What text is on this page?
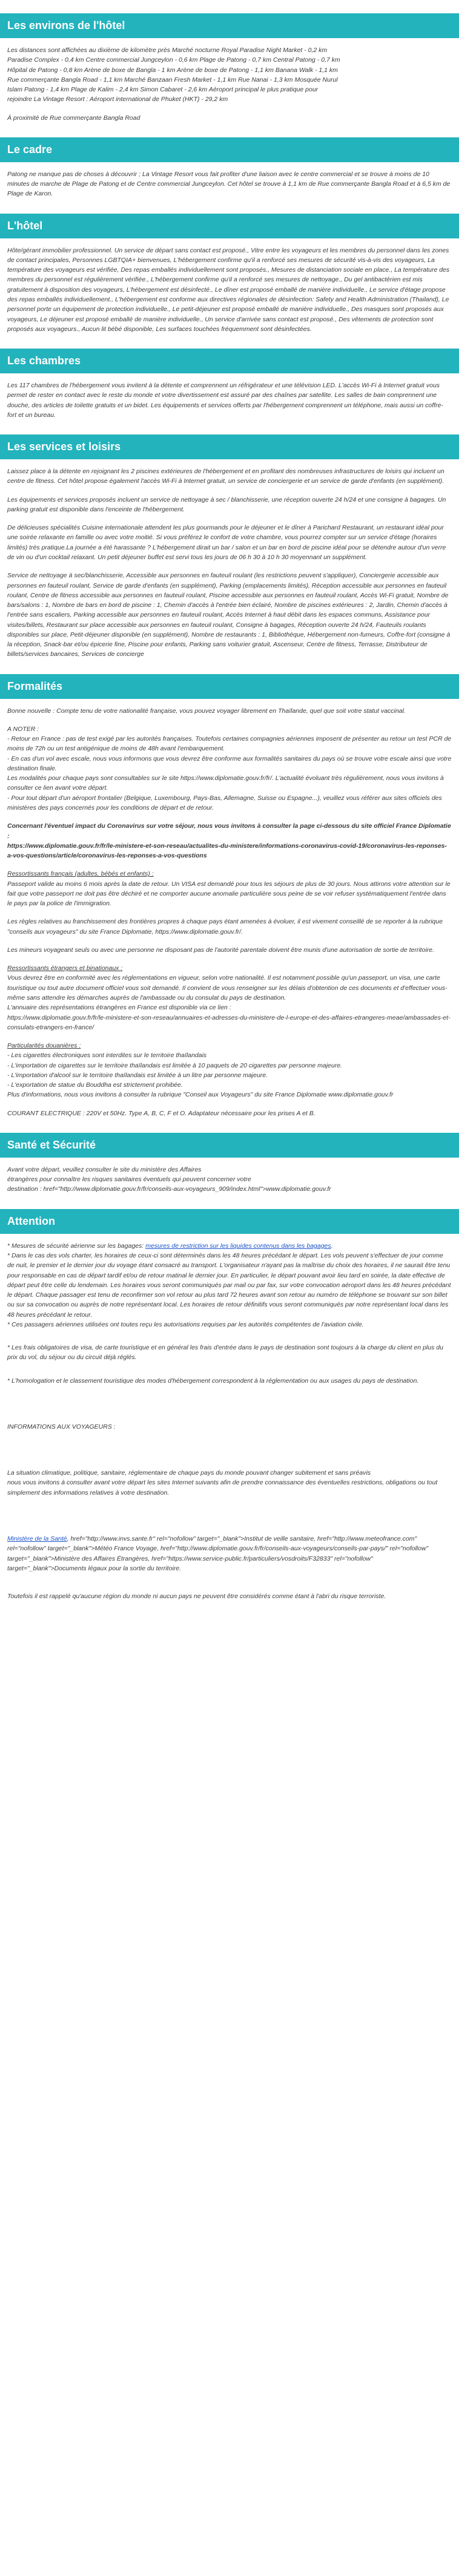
Les environs de l'hôtel

Les distances sont affichées au dixième de kilomètre près Marché nocturne Royal Paradise Night Market - 0,2 km
Paradise Complex - 0,4 km Centre commercial Jungceylon - 0,6 km Plage de Patong - 0,7 km Central Patong - 0,7 km
Hôpital de Patong - 0,8 km Arène de boxe de Bangla - 1 km Arène de boxe de Patong - 1,1 km Banana Walk - 1,1 km
Rue commerçante Bangla Road - 1,1 km Marché Banzaan Fresh Market - 1,1 km Rue Nanai - 1,3 km Mosquée Nurul
Islam Patong - 1,4 km Plage de Kalim - 2,4 km Simon Cabaret - 2,6 km Aéroport principal le plus pratique pour
rejoindre La Vintage Resort : Aéroport international de Phuket (HKT) - 29,2 km

À proximité de Rue commerçante Bangla Road

Le cadre

Patong ne manque pas de choses à découvrir ; La Vintage Resort vous fait profiter d'une liaison avec le centre commercial et se trouve à moins de 10 minutes de marche de Plage de Patong et de Centre commercial Jungceylon. Cet hôtel se trouve à 1,1 km de Rue commerçante Bangla Road et à 6,5 km de Plage de Karon.

L'hôtel

Hôte/gérant immobilier professionnel. Un service de départ sans contact est proposé., Vitre entre les voyageurs et les membres du personnel dans les zones de contact principales, Personnes LGBTQIA+ bienvenues, L'hébergement confirme qu'il a renforcé ses mesures de sécurité vis-à-vis des voyageurs, La température des voyageurs est vérifiée, Des repas emballés individuellement sont proposés., Mesures de distanciation sociale en place., La température des membres du personnel est régulièrement vérifiée., L'hébergement confirme qu'il a renforcé ses mesures de nettoyage., Du gel antibactérien est mis gratuitement à disposition des voyageurs, L'hébergement est désinfecté., Le dîner est proposé emballé de manière individuelle., Le service d'étage propose des repas emballés individuellement., L'hébergement est conforme aux directives régionales de désinfection: Safety and Health Administration (Thailand), Le personnel porte un équipement de protection individuelle., Le petit-déjeuner est proposé emballé de manière individuelle., Des masques sont proposés aux voyageurs, Le déjeuner est proposé emballé de manière individuelle., Un service d'arrivée sans contact est proposé., Des vêtements de protection sont proposés aux voyageurs., Aucun lit bébé disponible, Les surfaces touchées fréquemment sont désinfectées.

Les chambres

Les 117 chambres de l'hébergement vous invitent à la détente et comprennent un réfrigérateur et une télévision LED. L'accès Wi-Fi à Internet gratuit vous permet de rester en contact avec le reste du monde et votre divertissement est assuré par des chaînes par satellite. Les salles de bain comprennent une douche, des articles de toilette gratuits et un bidet. Les équipements et services offerts par l'hébergement comprennent un téléphone, mais aussi un coffre-fort et un bureau.

Les services et loisirs

Laissez place à la détente en rejoignant les 2 piscines extérieures de l'hébergement et en profitant des nombreuses infrastructures de loisirs qui incluent un centre de fitness. Cet hôtel propose également l'accès Wi-Fi à Internet gratuit, un service de conciergerie et un service de garde d'enfants (en supplément).

Les équipements et services proposés incluent un service de nettoyage à sec / blanchisserie, une réception ouverte 24 h/24 et une consigne à bagages. Un parking gratuit est disponible dans l'enceinte de l'hébergement.

De délicieuses spécialités Cuisine internationale attendent les plus gourmands pour le déjeuner et le dîner à Parichard Restaurant, un restaurant idéal pour une soirée relaxante en famille ou avec votre moitié. Si vous préférez le confort de votre chambre, vous pourrez compter sur un service d'étage (horaires limités) très pratique.La journée a été harassante ? L'hébergement dirait un bar / salon et un bar en bord de piscine idéal pour se détendre autour d'un verre de vin ou d'un cocktail relaxant. Un petit déjeuner buffet est servi tous les jours de 06 h 30 à 10 h 30 moyennant un supplément.

Service de nettoyage à sec/blanchisserie, Accessible aux personnes en fauteuil roulant (les restrictions peuvent s'appliquer), Conciergerie accessible aux personnes en fauteuil roulant, Service de garde d'enfants (en supplément), Parking (emplacements limités), Réception accessible aux personnes en fauteuil roulant, Centre de fitness accessible aux personnes en fauteuil roulant, Piscine accessible aux personnes en fauteuil roulant, Accès Wi-Fi gratuit, Nombre de bars/salons : 1, Nombre de bars en bord de piscine : 1, Chemin d'accès à l'entrée bien éclairé, Nombre de piscines extérieures : 2, Jardin, Chemin d'accès à l'entrée sans escaliers, Parking accessible aux personnes en fauteuil roulant, Accès Internet à haut débit dans les espaces communs, Assistance pour visites/billets, Restaurant sur place accessible aux personnes en fauteuil roulant, Consigne à bagages, Réception ouverte 24 h/24, Fauteuils roulants disponibles sur place, Petit-déjeuner disponible (en supplément), Nombre de restaurants : 1, Bibliothèque, Hébergement non-fumeurs, Coffre-fort (consigne à la réception, Snack-bar et/ou épicerie fine, Piscine pour enfants, Parking sans voiturier gratuit, Ascenseur, Centre de fitness, Terrasse, Distributeur de billets/services bancaires, Services de concierge

Formalités

Bonne nouvelle : Compte tenu de votre nationalité française, vous pouvez voyager librement en Thaïlande, quel que soit votre statut vaccinal.

A NOTER :
- Retour en France : pas de test exigé par les autorités françaises. Toutefois certaines compagnies aériennes imposent de présenter au retour un test PCR de moins de 72h ou un test antigénique de moins de 48h avant l'embarquement.
- En cas d'un vol avec escale, nous vous informons que vous devrez être conforme aux formalités sanitaires du pays où se trouve votre escale ainsi que votre destination finale.
Les modalités pour chaque pays sont consultables sur le site https://www.diplomatie.gouv.fr/fr/. L'actualité évoluant très régulièrement, nous vous invitons à consulter ce lien avant votre départ.
- Pour tout départ d'un aéroport frontalier (Belgique, Luxembourg, Pays-Bas, Allemagne, Suisse ou Espagne...), veuillez vous référer aux sites officiels des ministères des pays concernés pour les conditions de départ et de retour.

Concernant l'éventuel impact du Coronavirus sur votre séjour, nous vous invitons à consulter la page ci-dessous du site officiel France Diplomatie :
https://www.diplomatie.gouv.fr/fr/le-ministere-et-son-reseau/actualites-du-ministere/informations-coronavirus-covid-19/coronavirus-les-reponses-a-vos-questions/article/coronavirus-les-reponses-a-vos-questions

Ressortissants français (adultes, bébés et enfants) :
Passeport valide au moins 6 mois après la date de retour. Un VISA est demandé pour tous les séjours de plus de 30 jours. Nous attirons votre attention sur le fait que votre passeport ne doit pas être déchiré et ne comporter aucune anomalie particulière sous peine de se voir refuser systématiquement l'entrée dans le pays par la police de l'immigration.

Les règles relatives au franchissement des frontières propres à chaque pays étant amenées à évoluer, il est vivement conseillé de se reporter à la rubrique "conseils aux voyageurs" du site France Diplomatie, https://www.diplomatie.gouv.fr/.

Les mineurs voyageant seuls ou avec une personne ne disposant pas de l'autorité parentale doivent être munis d'une autorisation de sortie de territoire.

Ressortissants étrangers et binationaux :
Vous devrez être en conformité avec les réglementations en vigueur, selon votre nationalité. Il est notamment possible qu'un passeport, un visa, une carte touristique ou tout autre document officiel vous soit demandé. Il convient de vous renseigner sur les délais d'obtention de ces documents et d'effectuer vous-même sans attendre les démarches auprès de l'ambassade ou du consulat du pays de destination.
L'annuaire des représentations étrangères en France est disponible via ce lien :
https://www.diplomatie.gouv.fr/fr/le-ministere-et-son-reseau/annuaires-et-adresses-du-ministere-de-l-europe-et-des-affaires-etrangeres-meae/ambassades-et-consulats-etrangers-en-france/

Particularités douanières :
- Les cigarettes électroniques sont interdites sur le territoire thaïlandais
- L'importation de cigarettes sur le territoire thaïlandais est limitée à 10 paquets de 20 cigarettes par personne majeure.
- L'importation d'alcool sur le territoire thaïlandais est limitée à un litre par personne majeure.
- L'exportation de statue du Bouddha est strictement prohibée.
Plus d'informations, nous vous invitons à consulter la rubrique "Conseil aux Voyageurs" du site France Diplomatie www.diplomatie.gouv.fr

COURANT ELECTRIQUE : 220V et 50Hz. Type A, B, C, F et O. Adaptateur nécessaire pour les prises A et B.

Santé et Sécurité

Avant votre départ, veuillez consulter le site du ministère des Affaires
étrangères pour connaître les risques sanitaires éventuels qui peuvent concerner votre
destination : href="http://www.diplomatie.gouv.fr/fr/conseils-aux-voyageurs_909/index.html">www.diplomatie.gouv.fr

Attention

* Mesures de sécurité aérienne sur les bagages: mesures de restriction sur les liquides contenus dans les bagages.
* Dans le cas des vols charter, les horaires de ceux-ci sont déterminés dans les 48 heures précédant le départ. Les vols peuvent s'effectuer de jour comme de nuit, le premier et le dernier jour du voyage étant consacré au transport. L'organisateur n'ayant pas la maîtrise du choix des horaires, il ne saurait être tenu pour responsable en cas de départ tardif et/ou de retour matinal le dernier jour. En particulier, le départ pouvant avoir lieu tard en soirée, la date effective de départ peut être celle du lendemain. Les horaires vous seront communiqués par mail ou par fax, sur votre convocation aéroport dans les 48 heures précédant le départ. Chaque passager est tenu de reconfirmer son vol retour au plus tard 72 heures avant son retour au numéro de téléphone se trouvant sur son billet ou sur sa convocation ou auprès de notre représentant local. Les horaires de retour définitifs vous seront communiqués par notre représentant local dans les 48 heures précédant le retour.
* Ces passagers aériennes utilisées ont toutes reçu les autorisations requises par les autorités compétentes de l'aviation civile.

* Les frais obligatoires de visa, de carte touristique et en général les frais d'entrée dans le pays de destination sont toujours à la charge du client en plus du prix du vol, du séjour ou du circuit déjà réglés.

* L'homologation et le classement touristique des modes d'hébergement correspondent à la réglementation ou aux usages du pays de destination.

INFORMATIONS AUX VOYAGEURS :

La situation climatique, politique, sanitaire, réglementaire de chaque pays du monde pouvant changer subitement et sans préavis
nous vous invitons à consulter avant votre départ les sites Internet suivants afin de prendre connaissance des éventuelles restrictions, obligations ou tout simplement des informations relatives à votre destination.

Ministère de la Santé, href="http://www.invs.sante.fr" rel="nofollow" target="_blank">Institut de veille sanitaire, href="http://www.meteofrance.com" rel="nofollow" target="_blank">Météo France Voyage, href="http://www.diplomatie.gouv.fr/fr/conseils-aux-voyageurs/conseils-par-pays/" rel="nofollow" target="_blank">Ministère des Affaires Étrangères, href="https://www.service-public.fr/particuliers/vosdroits/F32833" rel="nofollow" target="_blank">Documents légaux pour la sortie du territoire.

Toutefois il est rappelé qu'aucune région du monde ni aucun pays ne peuvent être considérés comme étant à l'abri du risque terroriste.
